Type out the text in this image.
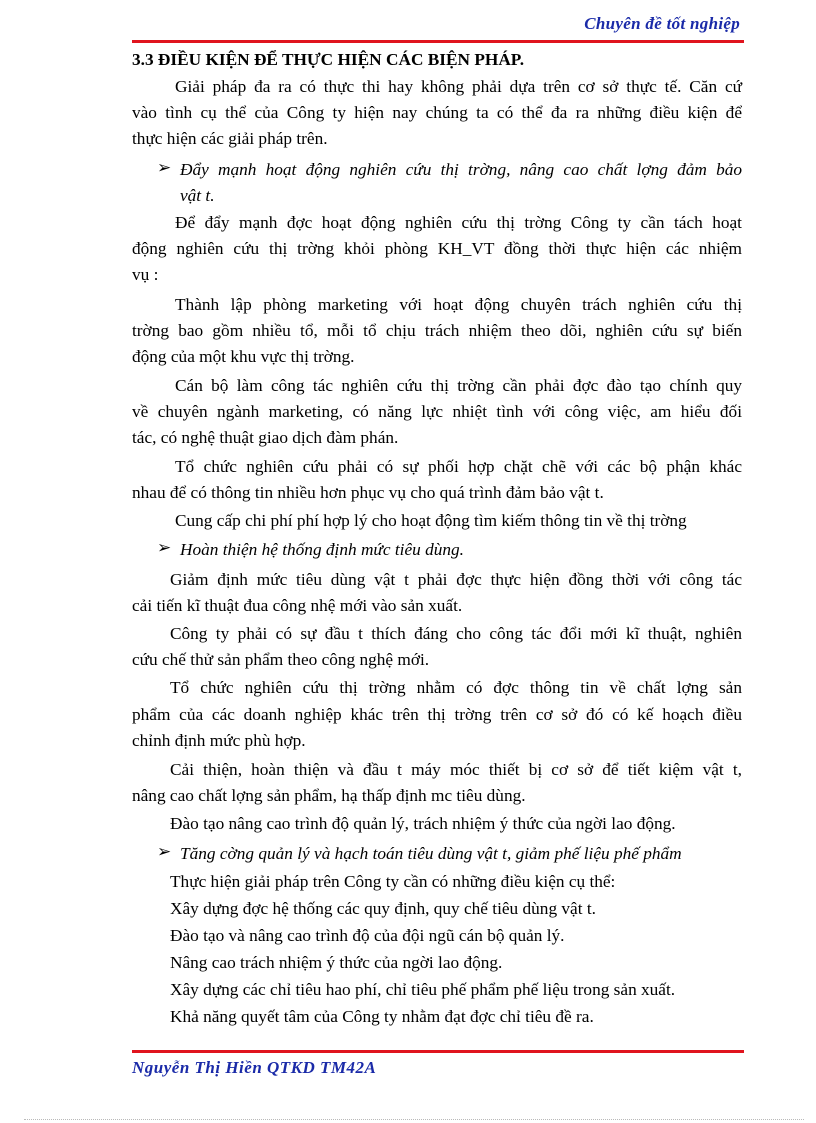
Chuyên đề tốt nghiệp
3.3 ĐIỀU KIỆN ĐỂ THỰC HIỆN CÁC BIỆN PHÁP.
Giải pháp đa ra có thực thi hay không phải dựa trên cơ sở thực tế. Căn cứ
vào tình cụ thể của Công ty hiện nay chúng ta có thể đa ra những điều kiện để
thực hiện các giải pháp trên.
➢ Đẩy mạnh hoạt động nghiên cứu thị trờng, nâng cao chất lợng đảm bảo
vật t.
Để đẩy mạnh đợc hoạt động nghiên cứu thị trờng Công ty cần tách hoạt
động nghiên cứu thị trờng khỏi phòng KH_VT đồng thời thực hiện các nhiệm
vụ :
Thành lập phòng marketing với hoạt động chuyên trách nghiên cứu thị
trờng bao gồm nhiều tổ, mỗi tổ chịu trách nhiệm theo dõi, nghiên cứu sự biến
động của một khu vực thị trờng.
Cán bộ làm công tác nghiên cứu thị trờng cần phải đợc đào tạo chính quy
về chuyên ngành marketing, có năng lực nhiệt tình với công việc, am hiểu đối
tác, có nghệ thuật giao dịch đàm phán.
Tổ chức nghiên cứu phải có sự phối hợp chặt chẽ với các bộ phận khác
nhau để có thông tin nhiều hơn phục vụ cho quá trình đảm bảo vật t.
Cung cấp chi phí phí hợp lý cho hoạt động tìm kiếm thông tin về thị trờng
➢ Hoàn thiện hệ thống định mức tiêu dùng.
Giảm định mức tiêu dùng vật t phải đợc thực hiện đồng thời với công tác
cải tiến kĩ thuật đua công nhệ mới vào sản xuất.
Công ty phải có sự đầu t thích đáng cho công tác đổi mới kĩ thuật, nghiên
cứu chế thử sản phẩm theo công nghệ mới.
Tổ chức nghiên cứu thị trờng nhằm có đợc thông tin về chất lợng sản
phẩm của các doanh nghiệp khác trên thị trờng trên cơ sở đó có kế hoạch điều
chỉnh định mức phù hợp.
Cải thiện, hoàn thiện và đầu t máy móc thiết bị cơ sở để tiết kiệm vật t,
nâng cao chất lợng sản phẩm, hạ thấp định mc tiêu dùng.
Đào tạo nâng cao trình độ quản lý, trách nhiệm ý thức của ngời lao động.
➢ Tăng cờng quản lý và hạch toán tiêu dùng vật t, giảm phế liệu phế phẩm
Thực hiện giải pháp trên Công ty cần có những điều kiện cụ thể:
Xây dựng đợc hệ thống các quy định, quy chế tiêu dùng vật t.
Đào tạo và nâng cao trình độ của đội ngũ cán bộ quản lý.
Nâng cao trách nhiệm ý thức của ngời lao động.
Xây dựng các chỉ tiêu hao phí, chỉ tiêu phế phẩm phế liệu trong sản xuất.
Khả năng quyết tâm của Công ty nhằm đạt đợc chỉ tiêu đề ra.
Nguyễn Thị Hiền QTKD TM42A
